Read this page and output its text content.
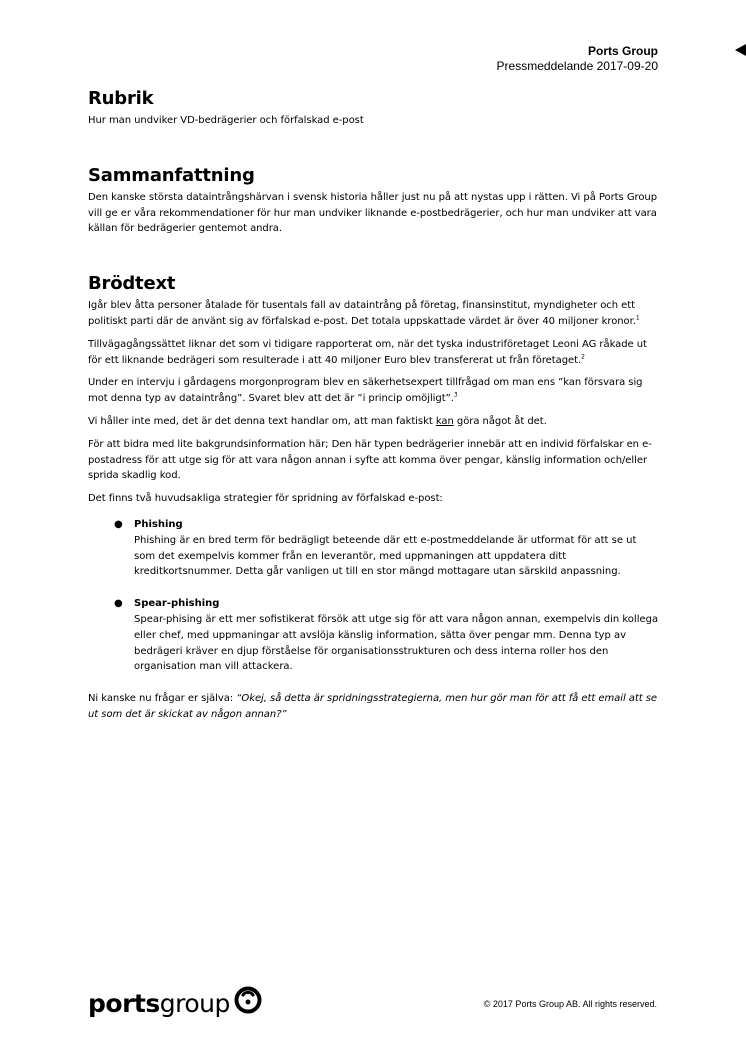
Ports Group
Pressmeddelande 2017-09-20
Rubrik

Hur man undviker VD-bedrägerier och förfalskad e-post

Sammanfattning

Den kanske största dataintrångshärvan i svensk historia håller just nu på att nystas upp i rätten. Vi på Ports Group vill ge er våra rekommendationer för hur man undviker liknande e-postbedrägerier, och hur man undviker att vara källan för bedrägerier gentemot andra.

Brödtext

Igår blev åtta personer åtalade för tusentals fall av dataintrång på företag, finansinstitut, myndigheter och ett politiskt parti där de använt sig av förfalskad e-post. Det totala uppskattade värdet är över 40 miljoner kronor.$^1$

Tillvägagångssättet liknar det som vi tidigare rapporterat om, när det tyska industriföretaget Leoni AG råkade ut för ett liknande bedrägeri som resulterade i att 40 miljoner Euro blev transfererat ut från företaget.$^2$

Under en intervju i gårdagens morgonprogram blev en säkerhetsexpert tillfrågad om man ens ”kan försvara sig mot denna typ av dataintrång”. Svaret blev att det är ”i princip omöjligt”.$^3$

Vi håller inte med, det är det denna text handlar om, att man faktiskt kan göra något åt det.

För att bidra med lite bakgrundsinformation här; Den här typen bedrägerier innebär att en individ förfalskar en e-postadress för att utge sig för att vara någon annan i syfte att komma över pengar, känslig information och/eller sprida skadlig kod.

Det finns två huvudsakliga strategier för spridning av förfalskad e-post:

● Phishing
Phishing är en bred term för bedrägligt beteende där ett e-postmeddelande är utformat för att se ut som det exempelvis kommer från en leverantör, med uppmaningen att uppdatera ditt kreditkortsnummer. Detta går vanligen ut till en stor mängd mottagare utan särskild anpassning.
● Spear-phishing
Spear-phising är ett mer sofistikerat försök att utge sig för att vara någon annan, exempelvis din kollega eller chef, med uppmaningar att avslöja känslig information, sätta över pengar mm. Denna typ av bedrägeri kräver en djup förståelse för organisationsstrukturen och dess interna roller hos den organisation man vill attackera.

Ni kanske nu frågar er själva: “Okej, så detta är spridningsstrategierna, men hur gör man för att få ett email att se ut som det är skickat av någon annan?”

ports group	© 2017 Ports Group AB. All rights reserved.
